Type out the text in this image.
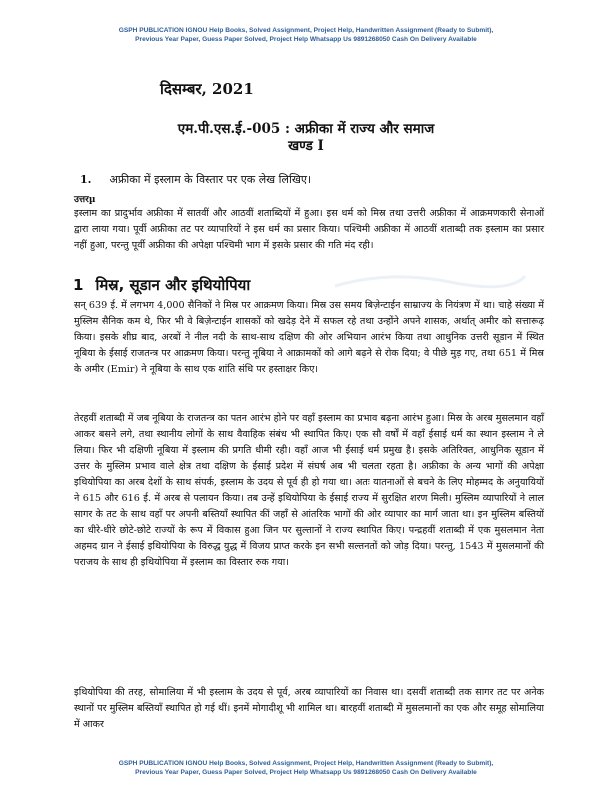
GSPH PUBLICATION IGNOU Help Books, Solved Assignment, Project Help, Handwritten Assignment (Ready to Submit),
Previous Year Paper, Guess Paper Solved, Project Help Whatsapp Us 9891268050 Cash On Delivery Available
दिसम्बर, 2021
एम.पी.एस.ई.-005 : अफ्रीका में राज्य और समाज
खण्ड I
1. अफ्रीका में इस्लाम के विस्तार पर एक लेख लिखिए।
उत्तरµ
इस्लाम का प्रादुर्भाव अफ्रीका में सातवीं और आठवीं शताब्दियों में हुआ। इस धर्म को मिस्र तथा उत्तरी अफ्रीका में आक्रमणकारी सेनाओं द्वारा लाया गया। पूर्वी अफ्रीका तट पर व्यापारियों ने इस धर्म का प्रसार किया। पश्चिमी अफ्रीका में आठवीं शताब्दी तक इस्लाम का प्रसार नहीं हुआ, परन्तु पूर्वी अफ्रीका की अपेक्षा पश्चिमी भाग में इसके प्रसार की गति मंद रही।
1 मिस्र, सूडान और इथियोपिया
सन् 639 ई. में लगभग 4,000 सैनिकों ने मिस्र पर आक्रमण किया। मिस्र उस समय बिज़ेन्टाईन साम्राज्य के नियंत्रण में था। चाहे संख्या में मुस्लिम सैनिक कम थे, फिर भी वे बिज़ेन्टाईन शासकों को खदेड़ देने में सफल रहे तथा उन्होंने अपने शासक, अर्थात् अमीर को सत्तारूढ़ किया। इसके शीघ्र बाद, अरबों ने नील नदी के साथ-साथ दक्षिण की ओर अभियान आरंभ किया तथा आधुनिक उत्तरी सूडान में स्थित नूबिया के ईसाई राजतन्त्र पर आक्रमण किया। परन्तु नूबिया ने आक्रामकों को आगे बढ़ने से रोक दिया; वे पीछे मुड़ गए, तथा 651 में मिस्र के अमीर (Emir) ने नूबिया के साथ एक शांति संधि पर हस्ताक्षर किए।
तेरहवीं शताब्दी में जब नूबिया के राजतन्त्र का पतन आरंभ होने पर वहाँ इस्लाम का प्रभाव बढ़ना आरंभ हुआ। मिस्र के अरब मुसलमान वहाँ आकर बसने लगे, तथा स्थानीय लोगों के साथ वैवाहिक संबंध भी स्थापित किए। एक सौ वर्षों में वहाँ ईसाई धर्म का स्थान इस्लाम ने ले लिया। फिर भी दक्षिणी नूबिया में इस्लाम की प्रगति धीमी रही। वहाँ आज भी ईसाई धर्म प्रमुख है। इसके अतिरिक्त, आधुनिक सूडान में उत्तर के मुस्लिम प्रभाव वाले क्षेत्र तथा दक्षिण के ईसाई प्रदेश में संघर्ष अब भी चलता रहता है। अफ्रीका के अन्य भागों की अपेक्षा इथियोपिया का अरब देशों के साथ संपर्क, इस्लाम के उदय से पूर्व ही हो गया था। अतः यातनाओं से बचने के लिए मोहम्मद के अनुयायियों ने 615 और 616 ई. में अरब से पलायन किया। तब उन्हें इथियोपिया के ईसाई राज्य में सुरक्षित शरण मिली। मुस्लिम व्यापारियों ने लाल सागर के तट के साथ वहाँ पर अपनी बस्तियाँ स्थापित कीं जहाँ से आंतरिक भागों की ओर व्यापार का मार्ग जाता था। इन मुस्लिम बस्तियों का धीरे-धीरे छोटे-छोटे राज्यों के रूप में विकास हुआ जिन पर सुल्तानों ने राज्य स्थापित किए। पन्द्रहवीं शताब्दी में एक मुसलमान नेता अहमद ग्रान ने ईसाई इथियोपिया के विरुद्ध युद्ध में विजय प्राप्त करके इन सभी सल्तनतों को जोड़ दिया। परन्तु, 1543 में मुसलमानों की पराजय के साथ ही इथियोपिया में इस्लाम का विस्तार रुक गया।
इथियोपिया की तरह, सोमालिया में भी इस्लाम के उदय से पूर्व, अरब व्यापारियों का निवास था। दसवीं शताब्दी तक सागर तट पर अनेक स्थानों पर मुस्लिम बस्तियाँ स्थापित हो गई थीं। इनमें मोगादीशू भी शामिल था। बारहवीं शताब्दी में मुसलमानों का एक और समूह सोमालिया में आकर
GSPH PUBLICATION IGNOU Help Books, Solved Assignment, Project Help, Handwritten Assignment (Ready to Submit),
Previous Year Paper, Guess Paper Solved, Project Help Whatsapp Us 9891268050 Cash On Delivery Available
